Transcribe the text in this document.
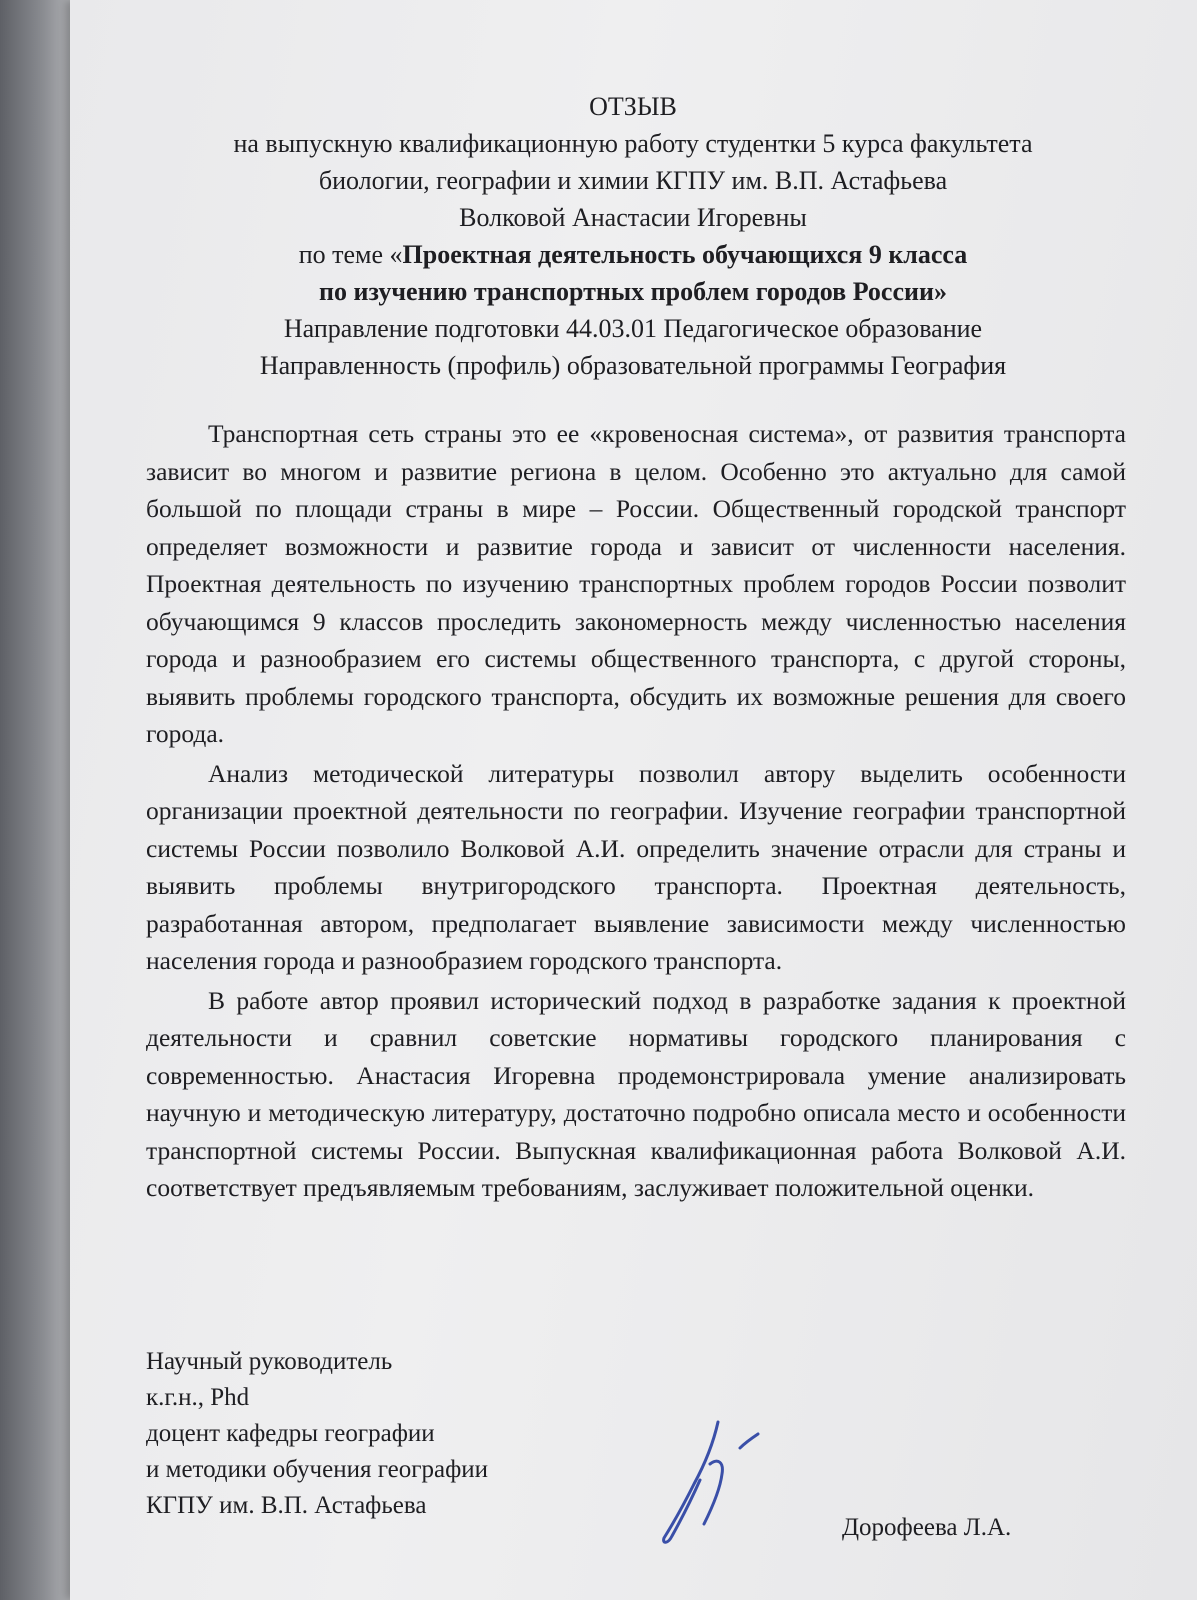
ОТЗЫВ
на выпускную квалификационную работу студентки 5 курса факультета
биологии, географии и химии КГПУ им. В.П. Астафьева
Волковой Анастасии Игоревны
по теме «Проектная деятельность обучающихся 9 класса
по изучению транспортных проблем городов России»
Направление подготовки 44.03.01 Педагогическое образование
Направленность (профиль) образовательной программы География

Транспортная сеть страны это ее «кровеносная система», от развития транспорта зависит во многом и развитие региона в целом. Особенно это актуально для самой большой по площади страны в мире – России. Общественный городской транспорт определяет возможности и развитие города и зависит от численности населения. Проектная деятельность по изучению транспортных проблем городов России позволит обучающимся 9 классов проследить закономерность между численностью населения города и разнообразием его системы общественного транспорта, с другой стороны, выявить проблемы городского транспорта, обсудить их возможные решения для своего города.

Анализ методической литературы позволил автору выделить особенности организации проектной деятельности по географии. Изучение географии транспортной системы России позволило Волковой А.И. определить значение отрасли для страны и выявить проблемы внутригородского транспорта. Проектная деятельность, разработанная автором, предполагает выявление зависимости между численностью населения города и разнообразием городского транспорта.

В работе автор проявил исторический подход в разработке задания к проектной деятельности и сравнил советские нормативы городского планирования с современностью. Анастасия Игоревна продемонстрировала умение анализировать научную и методическую литературу, достаточно подробно описала место и особенности транспортной системы России. Выпускная квалификационная работа Волковой А.И. соответствует предъявляемым требованиям, заслуживает положительной оценки.

Научный руководитель
к.г.н., Phd
доцент кафедры географии
и методики обучения географии
КГПУ им. В.П. Астафьева
Дорофеева Л.А.
